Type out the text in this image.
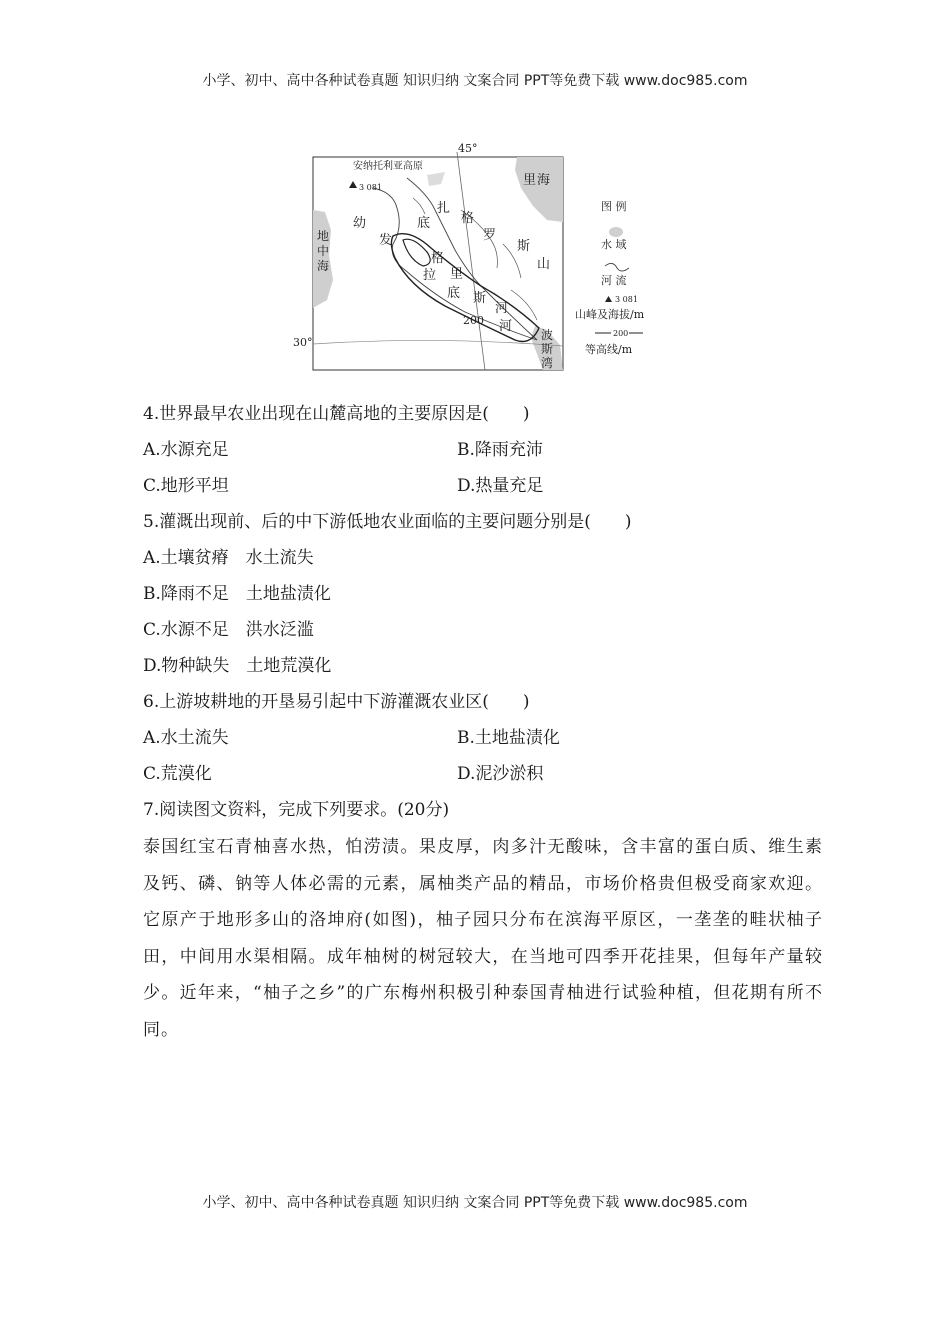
小学、初中、高中各种试卷真题 知识归纳 文案合同 PPT等免费下载 www.doc985.com
45°
30°
安纳托利亚高原
3 081	里 海
地
中
海
波
斯
湾
幼
发
拉
底
底
格
里
斯
河
扎
格
罗
斯
山
200 河
图 例
水 域
河 流
3 081
山峰及海拔/m
200
等高线/m
4.世界最早农业出现在山麓高地的主要原因是(　　)
A.水源充足	B.降雨充沛
C.地形平坦	D.热量充足
5.灌溉出现前、后的中下游低地农业面临的主要问题分别是(　　)
A.土壤贫瘠　水土流失
B.降雨不足　土地盐渍化
C.水源不足　洪水泛滥
D.物种缺失　土地荒漠化
6.上游坡耕地的开垦易引起中下游灌溉农业区(　　)
A.水土流失	B.土地盐渍化
C.荒漠化	D.泥沙淤积
7.阅读图文资料，完成下列要求。(20分)
泰国红宝石青柚喜水热，怕涝渍。果皮厚，肉多汁无酸味，含丰富的蛋白质、维生素及钙、磷、钠等人体必需的元素，属柚类产品的精品，市场价格贵但极受商家欢迎。它原产于地形多山的洛坤府(如图)，柚子园只分布在滨海平原区，一垄垄的畦状柚子田，中间用水渠相隔。成年柚树的树冠较大，在当地可四季开花挂果，但每年产量较少。近年来，“柚子之乡”的广东梅州积极引种泰国青柚进行试验种植，但花期有所不同。
小学、初中、高中各种试卷真题 知识归纳 文案合同 PPT等免费下载 www.doc985.com
